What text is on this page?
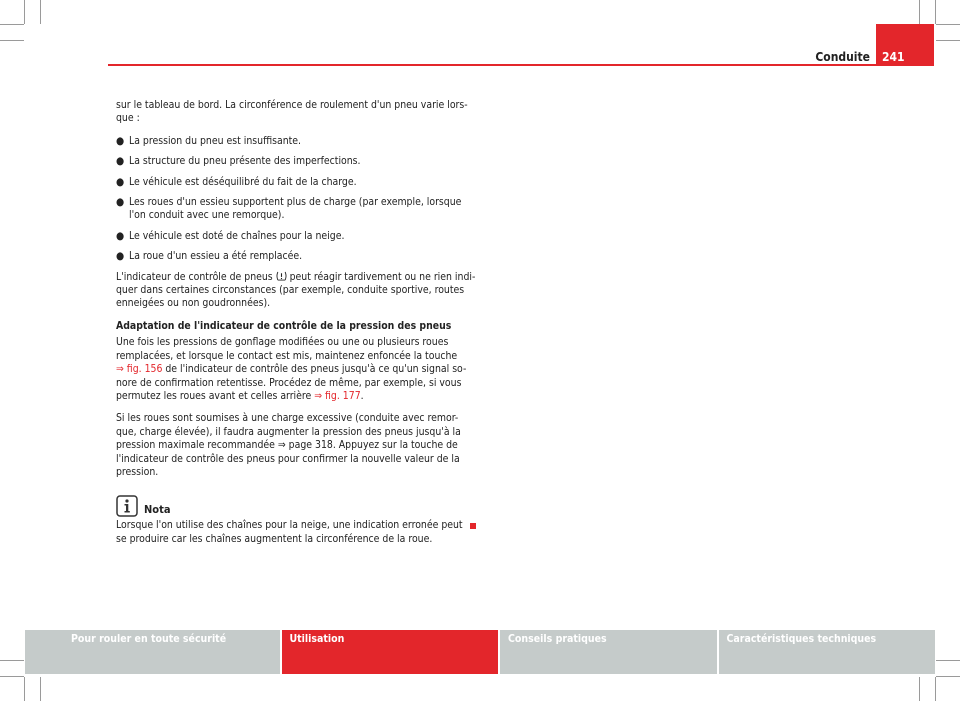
Conduite	241

sur le tableau de bord. La circonférence de roulement d'un pneu varie lors-que :

● La pression du pneu est insuffisante.
● La structure du pneu présente des imperfections.
● Le véhicule est déséquilibré du fait de la charge.
● Les roues d'un essieu supportent plus de charge (par exemple, lorsque l'on conduit avec une remorque).
● Le véhicule est doté de chaînes pour la neige.
● La roue d'un essieu a été remplacée.

L'indicateur de contrôle de pneus peut réagir tardivement ou ne rien indi-quer dans certaines circonstances (par exemple, conduite sportive, routes enneigées ou non goudronnées).

Adaptation de l'indicateur de contrôle de la pression des pneus

Une fois les pressions de gonflage modifiées ou une ou plusieurs roues remplacées, et lorsque le contact est mis, maintenez enfoncée la touche
⇒ fig. 156 de l'indicateur de contrôle des pneus jusqu'à ce qu'un signal so-nore de confirmation retentisse. Procédez de même, par exemple, si vous permutez les roues avant et celles arrière ⇒ fig. 177.

Si les roues sont soumises à une charge excessive (conduite avec remor-que, charge élevée), il faudra augmenter la pression des pneus jusqu'à la pression maximale recommandée ⇒ page 318. Appuyez sur la touche de l'indicateur de contrôle des pneus pour confirmer la nouvelle valeur de la pression.

Nota

Lorsque l'on utilise des chaînes pour la neige, une indication erronée peut se produire car les chaînes augmentent la circonférence de la roue.

Pour rouler en toute sécurité	Utilisation	Conseils pratiques	Caractéristiques techniques
